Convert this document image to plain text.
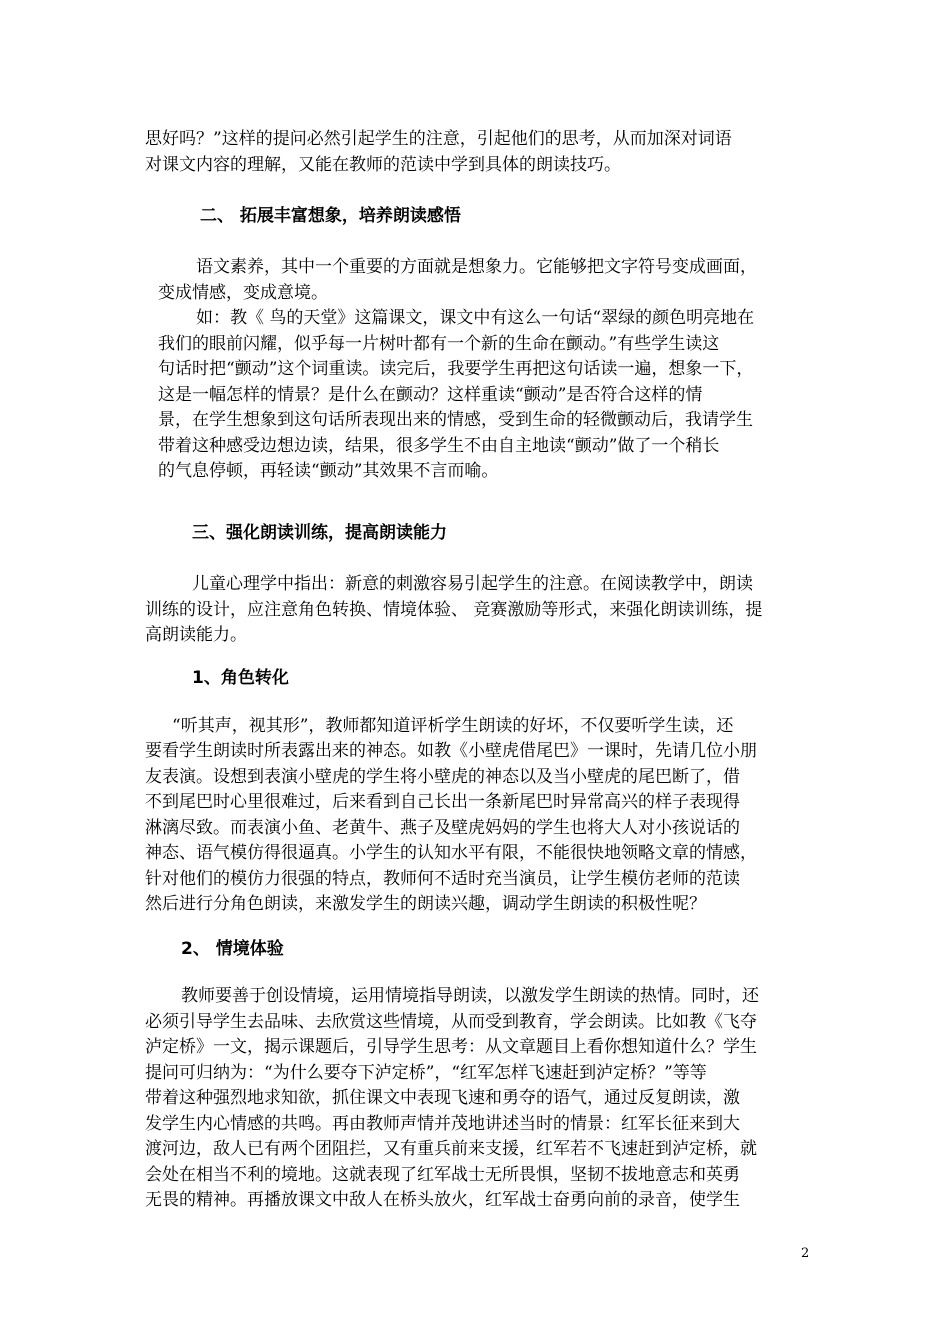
思好吗？”这样的提问必然引起学生的注意，引起他们的思考，从而加深对词语
对课文内容的理解，又能在教师的范读中学到具体的朗读技巧。
二、 拓展丰富想象，培养朗读感悟
语文素养，其中一个重要的方面就是想象力。它能够把文字符号变成画面，
变成情感，变成意境。
如：教《 鸟的天堂》这篇课文，课文中有这么一句话“翠绿的颜色明亮地在
我们的眼前闪耀，似乎每一片树叶都有一个新的生命在颤动。”有些学生读这
句话时把“颤动”这个词重读。读完后，我要学生再把这句话读一遍，想象一下，
这是一幅怎样的情景？是什么在颤动？这样重读“颤动”是否符合这样的情
景，在学生想象到这句话所表现出来的情感，受到生命的轻微颤动后，我请学生
带着这种感受边想边读，结果，很多学生不由自主地读“颤动”做了一个稍长
的气息停顿，再轻读“颤动”其效果不言而喻。
三、强化朗读训练，提高朗读能力
儿童心理学中指出：新意的刺激容易引起学生的注意。在阅读教学中，朗读
训练的设计，应注意角色转换、情境体验、 竞赛激励等形式，来强化朗读训练，提
高朗读能力。
1、角色转化
“听其声，视其形”，教师都知道评析学生朗读的好坏，不仅要听学生读，还
要看学生朗读时所表露出来的神态。如教《小壁虎借尾巴》一课时，先请几位小朋
友表演。设想到表演小壁虎的学生将小壁虎的神态以及当小壁虎的尾巴断了，借
不到尾巴时心里很难过，后来看到自己长出一条新尾巴时异常高兴的样子表现得
淋漓尽致。而表演小鱼、老黄牛、燕子及壁虎妈妈的学生也将大人对小孩说话的
神态、语气模仿得很逼真。小学生的认知水平有限，不能很快地领略文章的情感，
针对他们的模仿力很强的特点，教师何不适时充当演员，让学生模仿老师的范读
然后进行分角色朗读，来激发学生的朗读兴趣，调动学生朗读的积极性呢？
2、 情境体验
教师要善于创设情境，运用情境指导朗读，以激发学生朗读的热情。同时，还
必须引导学生去品味、去欣赏这些情境，从而受到教育，学会朗读。比如教《飞夺
泸定桥》一文，揭示课题后，引导学生思考：从文章题目上看你想知道什么？学生
提问可归纳为：“为什么要夺下泸定桥”，“红军怎样飞速赶到泸定桥？”等等
带着这种强烈地求知欲，抓住课文中表现飞速和勇夺的语气，通过反复朗读，激
发学生内心情感的共鸣。再由教师声情并茂地讲述当时的情景：红军长征来到大
渡河边，敌人已有两个团阻拦，又有重兵前来支援，红军若不飞速赶到泸定桥，就
会处在相当不利的境地。这就表现了红军战士无所畏惧，坚韧不拔地意志和英勇
无畏的精神。再播放课文中敌人在桥头放火，红军战士奋勇向前的录音，使学生
2
